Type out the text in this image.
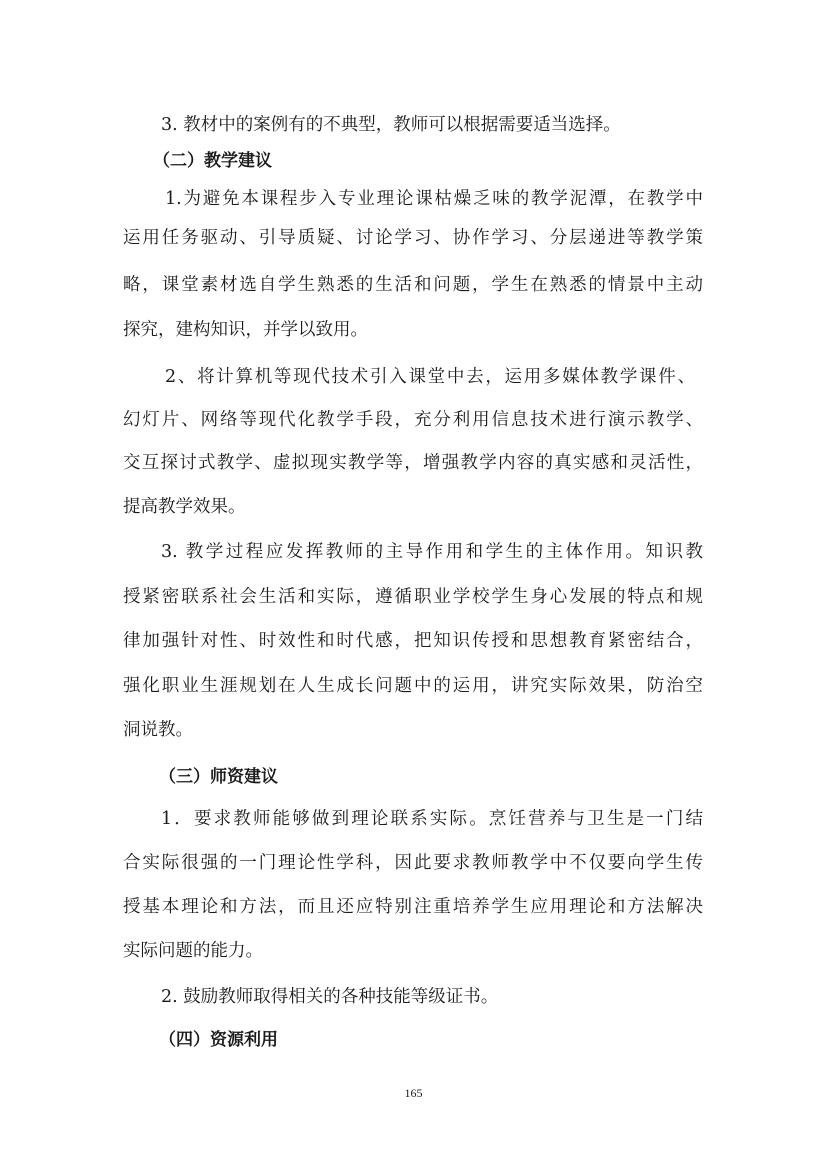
3. 教材中的案例有的不典型，教师可以根据需要适当选择。
（二）教学建议
1.为避免本课程步入专业理论课枯燥乏味的教学泥潭，在教学中
运用任务驱动、引导质疑、讨论学习、协作学习、分层递进等教学策
略，课堂素材选自学生熟悉的生活和问题，学生在熟悉的情景中主动
探究，建构知识，并学以致用。
2、将计算机等现代技术引入课堂中去，运用多媒体教学课件、
幻灯片、网络等现代化教学手段，充分利用信息技术进行演示教学、
交互探讨式教学、虚拟现实教学等，增强教学内容的真实感和灵活性，
提高教学效果。
3. 教学过程应发挥教师的主导作用和学生的主体作用。知识教
授紧密联系社会生活和实际，遵循职业学校学生身心发展的特点和规
律加强针对性、时效性和时代感，把知识传授和思想教育紧密结合，
强化职业生涯规划在人生成长问题中的运用，讲究实际效果，防治空
洞说教。
（三）师资建议
1．要求教师能够做到理论联系实际。烹饪营养与卫生是一门结
合实际很强的一门理论性学科，因此要求教师教学中不仅要向学生传
授基本理论和方法，而且还应特别注重培养学生应用理论和方法解决
实际问题的能力。
2. 鼓励教师取得相关的各种技能等级证书。
（四）资源利用
165
